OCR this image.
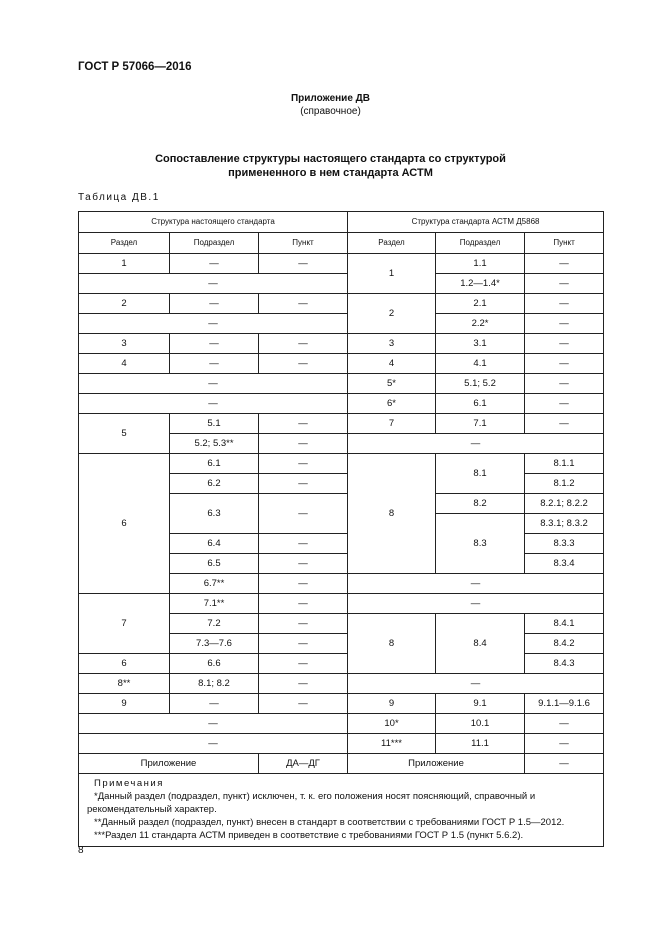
ГОСТ Р 57066—2016
Приложение ДВ
(справочное)
Сопоставление структуры настоящего стандарта со структурой
примененного в нем стандарта АСТМ
Таблица ДВ.1
Структура настоящего стандарта			Структура стандарта АСТМ Д5868		
Раздел	Подраздел	Пункт	Раздел	Подраздел	Пункт
1	—	—	1	1.1	—
—				1.2—1.4*	—
2	—	—	2	2.1	—
—				2.2*	—
3	—	—	3	3.1	—
4	—	—	4	4.1	—
—			5*	5.1; 5.2	—
—			6*	6.1	—
5	5.1	—	7	7.1	—
	5.2; 5.3**	—	—		
6	6.1	—	8	8.1	8.1.1
	6.2	—			8.1.2
	6.3	—		8.2	8.2.1; 8.2.2
				8.3	8.3.1; 8.3.2
	6.4	—			8.3.3
	6.5	—			8.3.4
	6.7**	—	—		
7	7.1**	—	—		
	7.2	—	8	8.4	8.4.1
	7.3—7.6	—			8.4.2
6	6.6	—			8.4.3
8**	8.1; 8.2	—	—		
9	—	—	9	9.1	9.1.1—9.1.6
—			10*	10.1	—
—			11***	11.1	—
Приложение		ДА—ДГ	Приложение		—

Примечания
*Данный раздел (подраздел, пункт) исключен, т. к. его положения носят поясняющий, справочный и рекомендательный характер.
**Данный раздел (подраздел, пункт) внесен в стандарт в соответствии с требованиями ГОСТ Р 1.5—2012.
***Раздел 11 стандарта АСТМ приведен в соответствие с требованиями ГОСТ Р 1.5 (пункт 5.6.2).					
8
